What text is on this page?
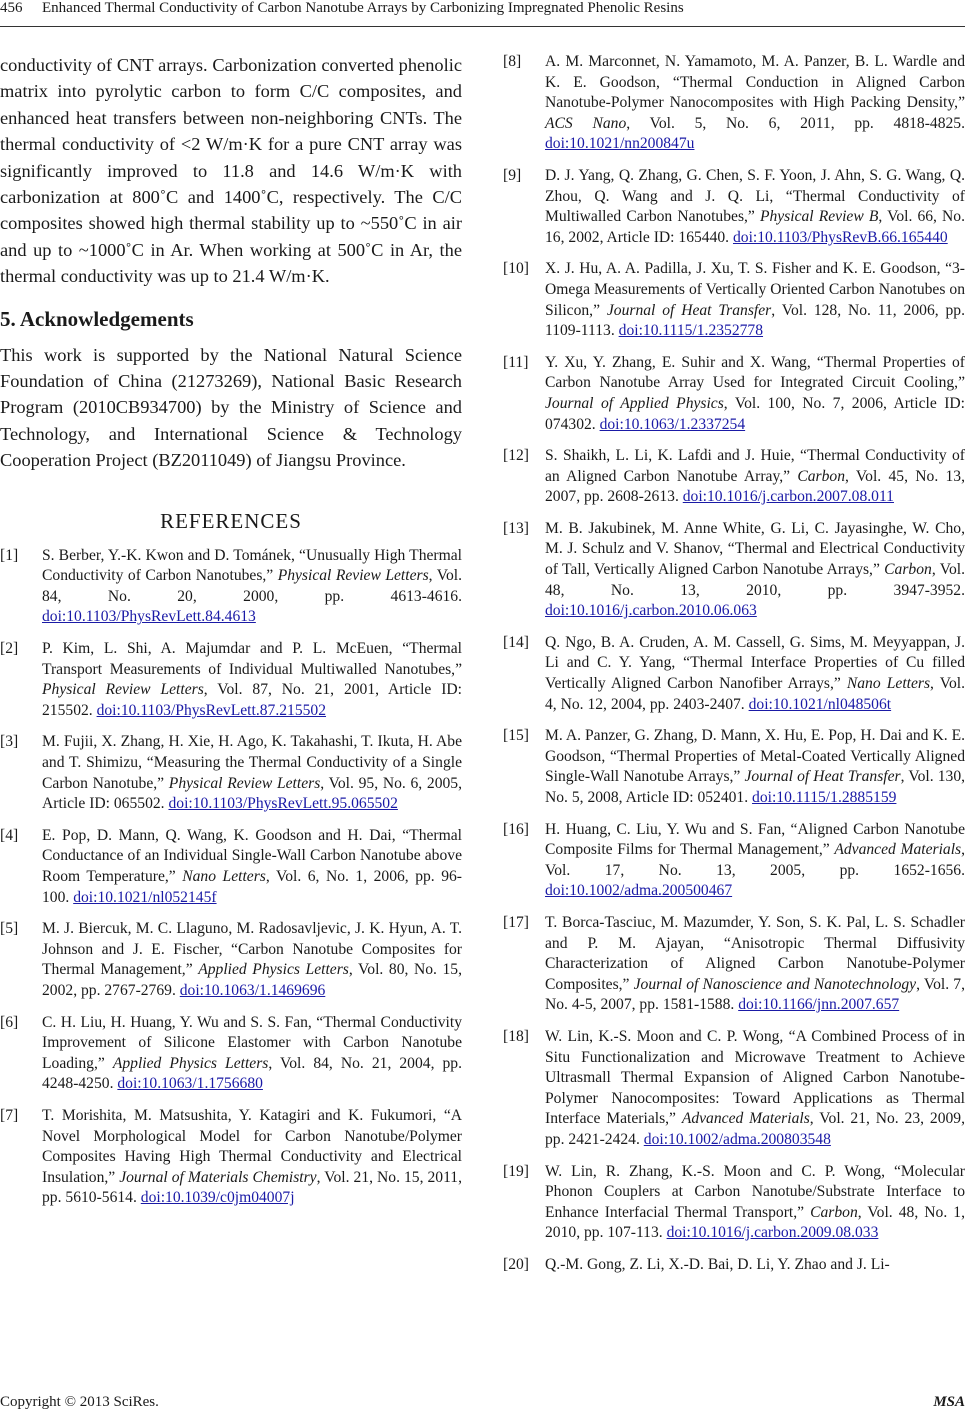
456 Enhanced Thermal Conductivity of Carbon Nanotube Arrays by Carbonizing Impregnated Phenolic Resins

conductivity of CNT arrays. Carbonization converted phenolic matrix into pyrolytic carbon to form C/C composites, and enhanced heat transfers between non-neighboring CNTs. The thermal conductivity of <2 W/m·K for a pure CNT array was significantly improved to 11.8 and 14.6 W/m·K with carbonization at 800˚C and 1400˚C, respectively. The C/C composites showed high thermal stability up to ~550˚C in air and up to ~1000˚C in Ar. When working at 500˚C in Ar, the thermal conductivity was up to 21.4 W/m·K.

5. Acknowledgements

This work is supported by the National Natural Science Foundation of China (21273269), National Basic Research Program (2010CB934700) by the Ministry of Science and Technology, and International Science & Technology Cooperation Project (BZ2011049) of Jiangsu Province.

REFERENCES
[1] S. Berber, Y.-K. Kwon and D. Tománek, “Unusually High Thermal Conductivity of Carbon Nanotubes,” Physical Review Letters, Vol. 84, No. 20, 2000, pp. 4613-4616. doi:10.1103/PhysRevLett.84.4613
[2] P. Kim, L. Shi, A. Majumdar and P. L. McEuen, “Thermal Transport Measurements of Individual Multiwalled Nanotubes,” Physical Review Letters, Vol. 87, No. 21, 2001, Article ID: 215502. doi:10.1103/PhysRevLett.87.215502
[3] M. Fujii, X. Zhang, H. Xie, H. Ago, K. Takahashi, T. Ikuta, H. Abe and T. Shimizu, “Measuring the Thermal Conductivity of a Single Carbon Nanotube,” Physical Review Letters, Vol. 95, No. 6, 2005, Article ID: 065502. doi:10.1103/PhysRevLett.95.065502
[4] E. Pop, D. Mann, Q. Wang, K. Goodson and H. Dai, “Thermal Conductance of an Individual Single-Wall Carbon Nanotube above Room Temperature,” Nano Letters, Vol. 6, No. 1, 2006, pp. 96-100. doi:10.1021/nl052145f
[5] M. J. Biercuk, M. C. Llaguno, M. Radosavljevic, J. K. Hyun, A. T. Johnson and J. E. Fischer, “Carbon Nanotube Composites for Thermal Management,” Applied Physics Letters, Vol. 80, No. 15, 2002, pp. 2767-2769. doi:10.1063/1.1469696
[6] C. H. Liu, H. Huang, Y. Wu and S. S. Fan, “Thermal Conductivity Improvement of Silicone Elastomer with Carbon Nanotube Loading,” Applied Physics Letters, Vol. 84, No. 21, 2004, pp. 4248-4250. doi:10.1063/1.1756680
[7] T. Morishita, M. Matsushita, Y. Katagiri and K. Fukumori, “A Novel Morphological Model for Carbon Nanotube/Polymer Composites Having High Thermal Conductivity and Electrical Insulation,” Journal of Materials Chemistry, Vol. 21, No. 15, 2011, pp. 5610-5614. doi:10.1039/c0jm04007j
[8] A. M. Marconnet, N. Yamamoto, M. A. Panzer, B. L. Wardle and K. E. Goodson, “Thermal Conduction in Aligned Carbon Nanotube-Polymer Nanocomposites with High Packing Density,” ACS Nano, Vol. 5, No. 6, 2011, pp. 4818-4825. doi:10.1021/nn200847u
[9] D. J. Yang, Q. Zhang, G. Chen, S. F. Yoon, J. Ahn, S. G. Wang, Q. Zhou, Q. Wang and J. Q. Li, “Thermal Conductivity of Multiwalled Carbon Nanotubes,” Physical Review B, Vol. 66, No. 16, 2002, Article ID: 165440. doi:10.1103/PhysRevB.66.165440
[10] X. J. Hu, A. A. Padilla, J. Xu, T. S. Fisher and K. E. Goodson, “3-Omega Measurements of Vertically Oriented Carbon Nanotubes on Silicon,” Journal of Heat Transfer, Vol. 128, No. 11, 2006, pp. 1109-1113. doi:10.1115/1.2352778
[11] Y. Xu, Y. Zhang, E. Suhir and X. Wang, “Thermal Properties of Carbon Nanotube Array Used for Integrated Circuit Cooling,” Journal of Applied Physics, Vol. 100, No. 7, 2006, Article ID: 074302. doi:10.1063/1.2337254
[12] S. Shaikh, L. Li, K. Lafdi and J. Huie, “Thermal Conductivity of an Aligned Carbon Nanotube Array,” Carbon, Vol. 45, No. 13, 2007, pp. 2608-2613. doi:10.1016/j.carbon.2007.08.011
[13] M. B. Jakubinek, M. Anne White, G. Li, C. Jayasinghe, W. Cho, M. J. Schulz and V. Shanov, “Thermal and Electrical Conductivity of Tall, Vertically Aligned Carbon Nanotube Arrays,” Carbon, Vol. 48, No. 13, 2010, pp. 3947-3952. doi:10.1016/j.carbon.2010.06.063
[14] Q. Ngo, B. A. Cruden, A. M. Cassell, G. Sims, M. Meyyappan, J. Li and C. Y. Yang, “Thermal Interface Properties of Cu filled Vertically Aligned Carbon Nanofiber Arrays,” Nano Letters, Vol. 4, No. 12, 2004, pp. 2403-2407. doi:10.1021/nl048506t
[15] M. A. Panzer, G. Zhang, D. Mann, X. Hu, E. Pop, H. Dai and K. E. Goodson, “Thermal Properties of Metal-Coated Vertically Aligned Single-Wall Nanotube Arrays,” Journal of Heat Transfer, Vol. 130, No. 5, 2008, Article ID: 052401. doi:10.1115/1.2885159
[16] H. Huang, C. Liu, Y. Wu and S. Fan, “Aligned Carbon Nanotube Composite Films for Thermal Management,” Advanced Materials, Vol. 17, No. 13, 2005, pp. 1652-1656. doi:10.1002/adma.200500467
[17] T. Borca-Tasciuc, M. Mazumder, Y. Son, S. K. Pal, L. S. Schadler and P. M. Ajayan, “Anisotropic Thermal Diffusivity Characterization of Aligned Carbon Nanotube-Polymer Composites,” Journal of Nanoscience and Nanotechnology, Vol. 7, No. 4-5, 2007, pp. 1581-1588. doi:10.1166/jnn.2007.657
[18] W. Lin, K.-S. Moon and C. P. Wong, “A Combined Process of in Situ Functionalization and Microwave Treatment to Achieve Ultrasmall Thermal Expansion of Aligned Carbon Nanotube-Polymer Nanocomposites: Toward Applications as Thermal Interface Materials,” Advanced Materials, Vol. 21, No. 23, 2009, pp. 2421-2424. doi:10.1002/adma.200803548
[19] W. Lin, R. Zhang, K.-S. Moon and C. P. Wong, “Molecular Phonon Couplers at Carbon Nanotube/Substrate Interface to Enhance Interfacial Thermal Transport,” Carbon, Vol. 48, No. 1, 2010, pp. 107-113. doi:10.1016/j.carbon.2009.08.033
[20] Q.-M. Gong, Z. Li, X.-D. Bai, D. Li, Y. Zhao and J. Li-
Copyright © 2013 SciRes.	MSA
